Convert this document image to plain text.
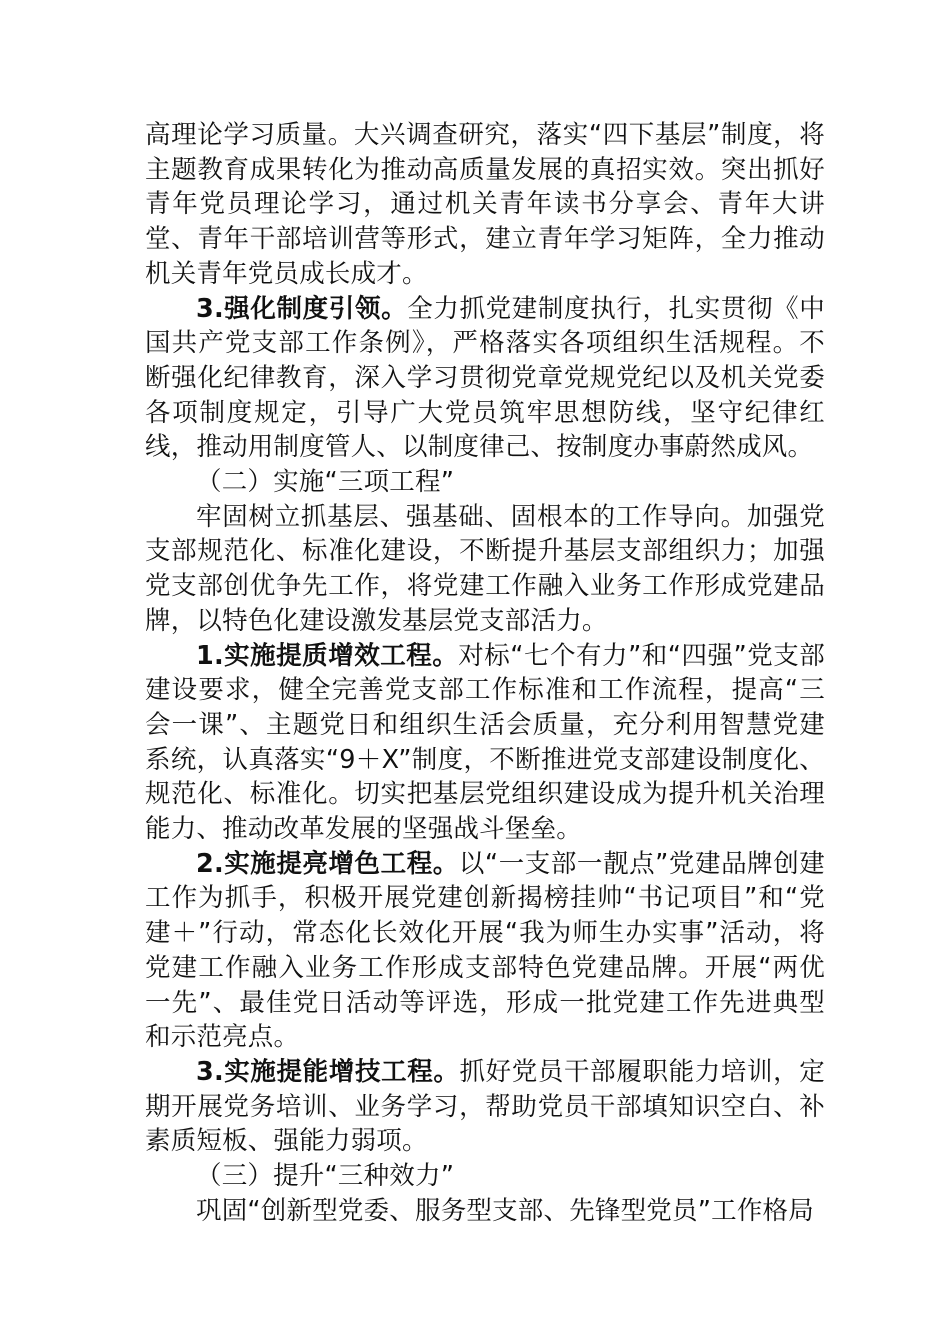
高理论学习质量。大兴调查研究，落实“四下基层”制度，将主题教育成果转化为推动高质量发展的真招实效。突出抓好青年党员理论学习，通过机关青年读书分享会、青年大讲堂、青年干部培训营等形式，建立青年学习矩阵，全力推动机关青年党员成长成才。

3.强化制度引领。全力抓党建制度执行，扎实贯彻《中国共产党支部工作条例》，严格落实各项组织生活规程。不断强化纪律教育，深入学习贯彻党章党规党纪以及机关党委各项制度规定，引导广大党员筑牢思想防线，坚守纪律红线，推动用制度管人、以制度律己、按制度办事蔚然成风。

（二）实施“三项工程”

牢固树立抓基层、强基础、固根本的工作导向。加强党支部规范化、标准化建设，不断提升基层支部组织力；加强党支部创优争先工作，将党建工作融入业务工作形成党建品牌，以特色化建设激发基层党支部活力。

1.实施提质增效工程。对标“七个有力”和“四强”党支部建设要求，健全完善党支部工作标准和工作流程，提高“三会一课”、主题党日和组织生活会质量，充分利用智慧党建系统，认真落实“9＋X”制度，不断推进党支部建设制度化、规范化、标准化。切实把基层党组织建设成为提升机关治理能力、推动改革发展的坚强战斗堡垒。

2.实施提亮增色工程。以“一支部一靓点”党建品牌创建工作为抓手，积极开展党建创新揭榜挂帅“书记项目”和“党建＋”行动，常态化长效化开展“我为师生办实事”活动，将党建工作融入业务工作形成支部特色党建品牌。开展“两优一先”、最佳党日活动等评选，形成一批党建工作先进典型和示范亮点。

3.实施提能增技工程。抓好党员干部履职能力培训，定期开展党务培训、业务学习，帮助党员干部填知识空白、补素质短板、强能力弱项。

（三）提升“三种效力”

巩固“创新型党委、服务型支部、先锋型党员”工作格局
